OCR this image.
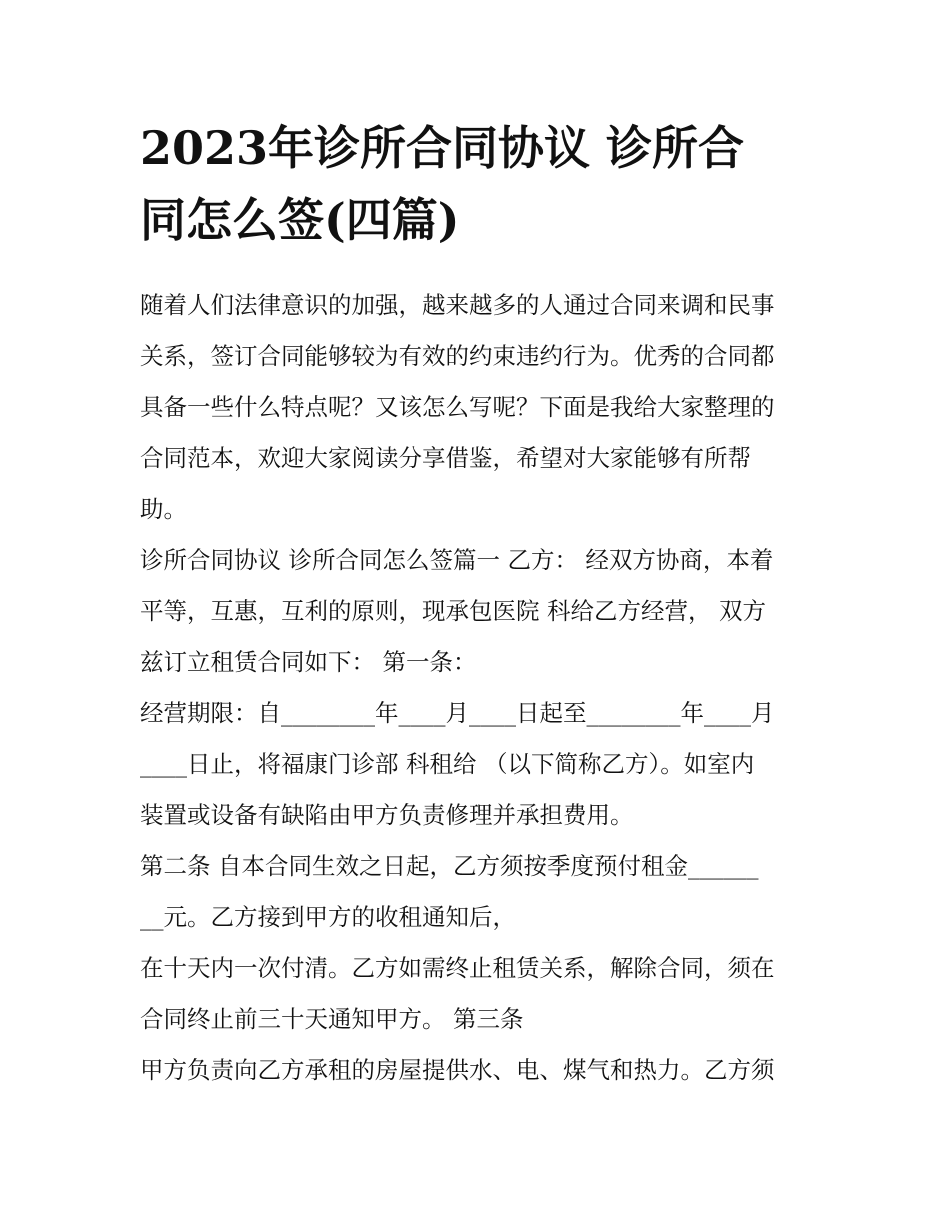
2023年诊所合同协议 诊所合
同怎么签(四篇)

随着人们法律意识的加强，越来越多的人通过合同来调和民事
关系，签订合同能够较为有效的约束违约行为。优秀的合同都
具备一些什么特点呢？又该怎么写呢？下面是我给大家整理的
合同范本，欢迎大家阅读分享借鉴，希望对大家能够有所帮
助。

诊所合同协议 诊所合同怎么签篇一 乙方： 经双方协商，本着
平等，互惠，互利的原则，现承包医院 科给乙方经营， 双方
兹订立租赁合同如下： 第一条：

经营期限：自________年____月____日起至________年____月
____日止，将福康门诊部 科租给 （以下简称乙方）。如室内
装置或设备有缺陷由甲方负责修理并承担费用。

第二条 自本合同生效之日起，乙方须按季度预付租金______
__元。乙方接到甲方的收租通知后，

在十天内一次付清。乙方如需终止租赁关系，解除合同，须在
合同终止前三十天通知甲方。 第三条

甲方负责向乙方承租的房屋提供水、电、煤气和热力。乙方须
